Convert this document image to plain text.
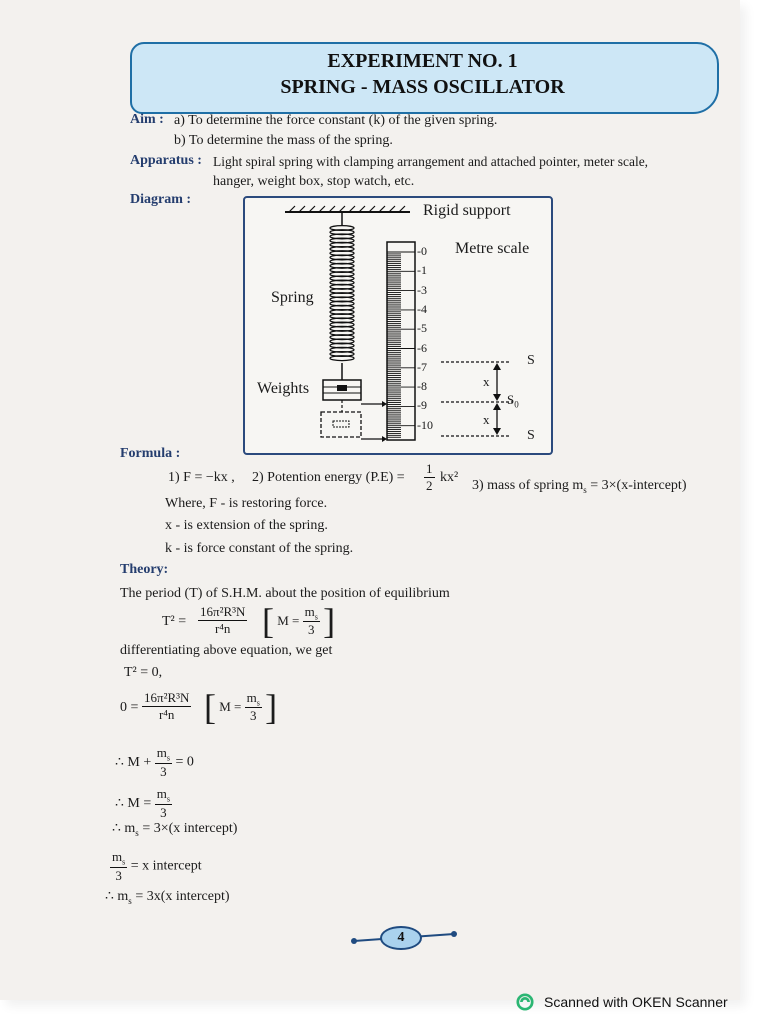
EXPERIMENT NO. 1
SPRING - MASS OSCILLATOR
Aim : a) To determine the force constant (k) of the given spring.
b) To determine the mass of the spring.
Apparatus : Light spiral spring with clamping arrangement and attached pointer, meter scale,
hanger, weight box, stop watch, etc.
Diagram :
Rigid support
Metre scale
Spring
Weights
-0
-1
-3
-4
-5
-6
-7
-8
-9
-10
S
$S_0$
S
x
x
Formula :
1) F = −kx , 2) Potention energy $(P.E) = \frac{1}{2} kx^2$
3) mass of spring $m_s$ = 3×(x-intercept)
Where, F - is restoring force.
x - is extension of the spring.
k - is force constant of the spring.
Theory:
The period (T) of S.H.M. about the position of equilibrium
$T^2 = \frac{\text{16π²R³N}}{\text{r⁴n}}$ [ $M = \frac{m_s}{3}$ ]
differentiating above equation, we get
T² = 0,
$0 = \frac{\text{16π²R³N}}{\text{r⁴n}}$ [ $M = \frac{m_s}{3}$ ]
∴ $M + \frac{m_s}{3} = 0$
∴ $M = \frac{m_s}{3}$
∴ $m_s = 3\times(x$ intercept)
$\frac{m_s}{3} = x$ intercept
∴ $m_s = 3x(x$ intercept)
4
Scanned with OKEN Scanner
